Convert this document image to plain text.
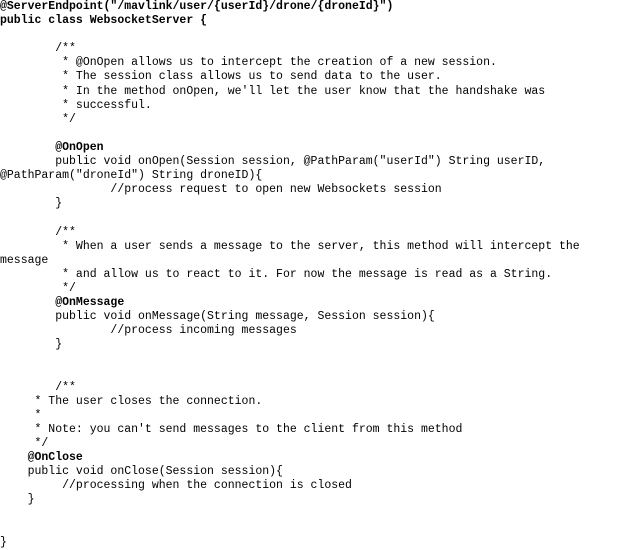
@ServerEndpoint("/mavlink/user/{userId}/drone/{droneId}")
public class WebsocketServer {
/**
* @OnOpen allows us to intercept the creation of a new session.
* The session class allows us to send data to the user.
* In the method onOpen, we'll let the user know that the handshake was
* successful.
*/
@OnOpen
public void onOpen(Session session, @PathParam("userId") String userID,
@PathParam("droneId") String droneID){
//process request to open new Websockets session
}
/**
* When a user sends a message to the server, this method will intercept the
message
* and allow us to react to it. For now the message is read as a String.
*/
@OnMessage
public void onMessage(String message, Session session){
//process incoming messages
}
/**
* The user closes the connection.
*
* Note: you can't send messages to the client from this method
*/
@OnClose
public void onClose(Session session){
//processing when the connection is closed
}
}
